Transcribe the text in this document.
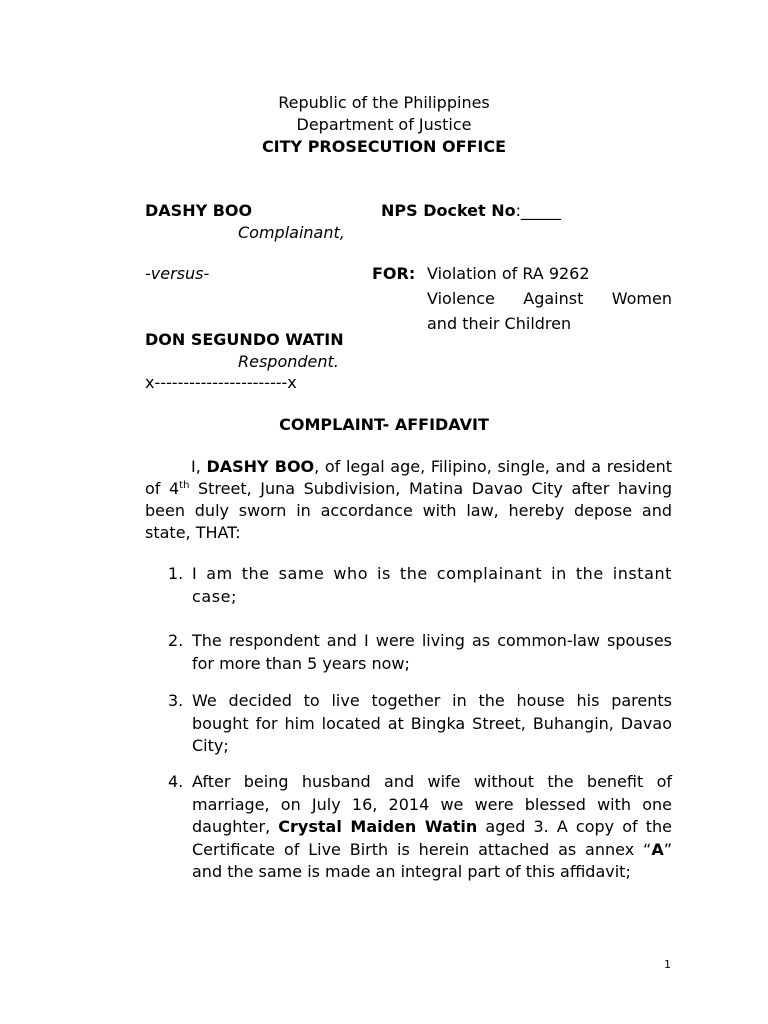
Republic of the Philippines
Department of Justice
CITY PROSECUTION OFFICE
DASHY BOO	NPS Docket No:_____
Complainant,
-versus-	FOR: Violation of RA 9262
Violence Against Women
and their Children
DON SEGUNDO WATIN
Respondent.
x-----------------------x
COMPLAINT- AFFIDAVIT
I, DASHY BOO, of legal age, Filipino, single, and a resident of 4th Street, Juna Subdivision, Matina Davao City after having been duly sworn in accordance with law, hereby depose and state, THAT:
1. I am the same who is the complainant in the instant case;
2. The respondent and I were living as common-law spouses for more than 5 years now;
3. We decided to live together in the house his parents bought for him located at Bingka Street, Buhangin, Davao City;
4. After being husband and wife without the benefit of marriage, on July 16, 2014 we were blessed with one daughter, Crystal Maiden Watin aged 3. A copy of the Certificate of Live Birth is herein attached as annex “A” and the same is made an integral part of this affidavit;
1
